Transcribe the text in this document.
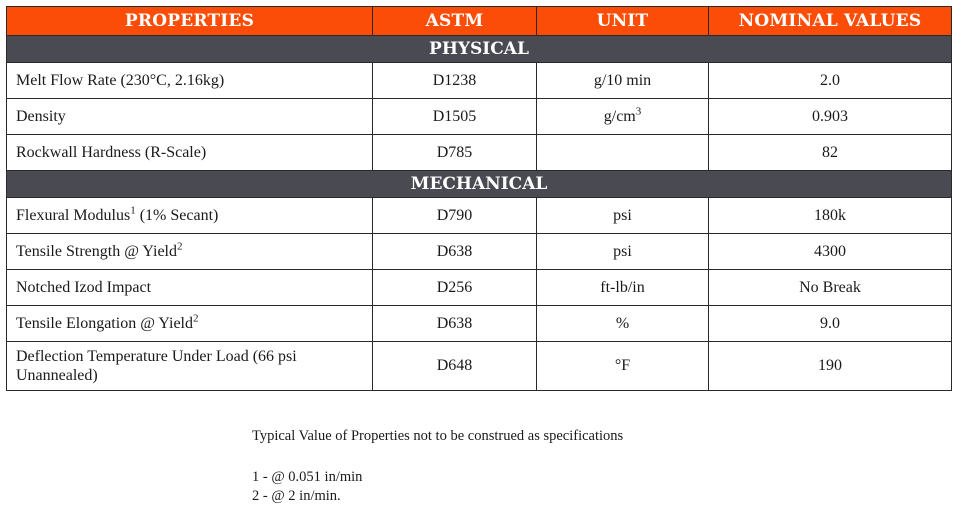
PROPERTIES	ASTM	UNIT	NOMINAL VALUES
PHYSICAL			
Melt Flow Rate (230°C, 2.16kg)	D1238	g/10 min	2.0
Density	D1505	$g/cm^3$	0.903
Rockwall Hardness (R-Scale)	D785		82
MECHANICAL			
Flexural Modulus$^1$ (1% Secant)	D790	psi	180k
Tensile Strength @ Yield$^2$	D638	psi	4300
Notched Izod Impact	D256	ft-lb/in	No Break
Tensile Elongation @ Yield$^2$	D638	%	9.0
Deflection Temperature Under Load (66 psi Unannealed)	D648	°F	190

Typical Value of Properties not to be construed as specifications

1 - @ 0.051 in/min

2 - @ 2 in/min.
